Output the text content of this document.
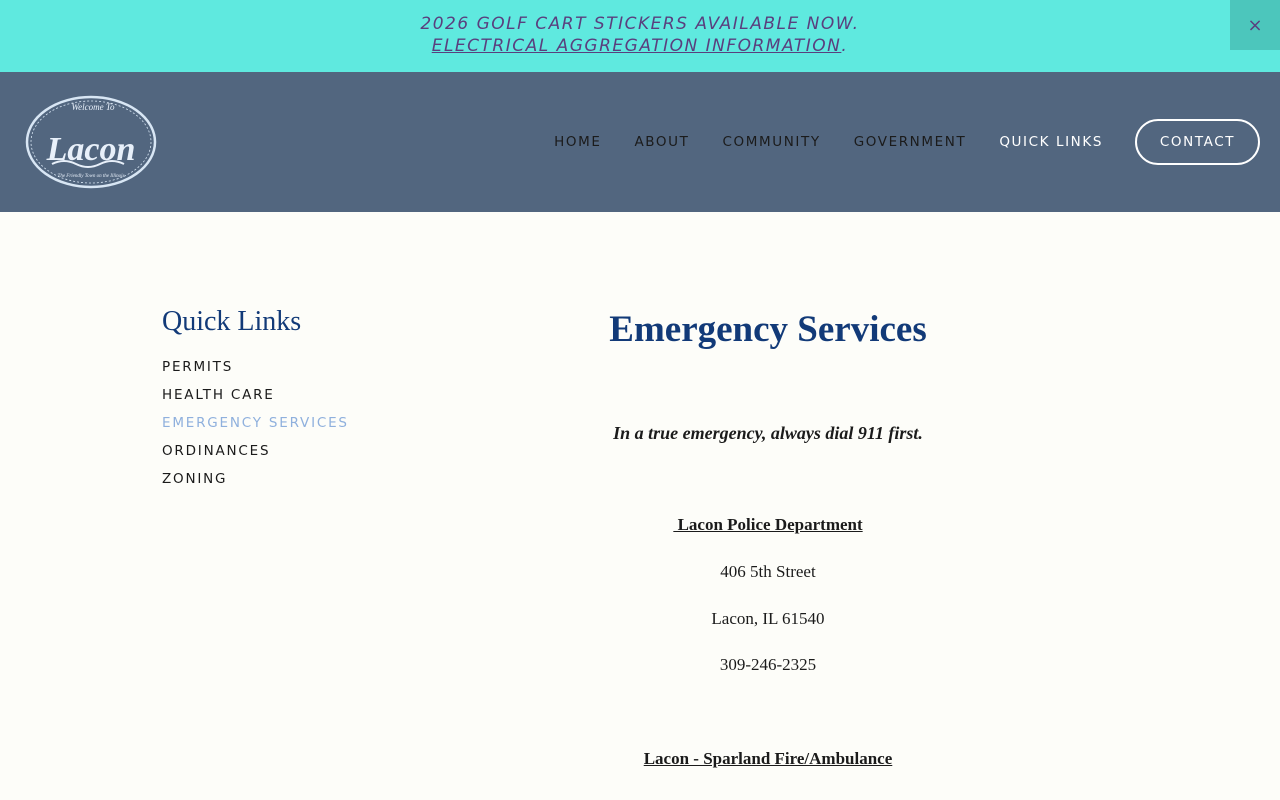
2026 GOLF CART STICKERS AVAILABLE NOW.
ELECTRICAL AGGREGATION INFORMATION.
×
Welcome To
Lacon
The Friendly Town on the Illinois
HOME ABOUT COMMUNITY GOVERNMENT QUICK LINKS	CONTACT
Quick Links
PERMITS
HEALTH CARE
EMERGENCY SERVICES
ORDINANCES
ZONING
Emergency Services
In a true emergency, always dial 911 first.
Lacon Police Department
406 5th Street
Lacon, IL 61540
309-246-2325
Lacon - Sparland Fire/Ambulance
